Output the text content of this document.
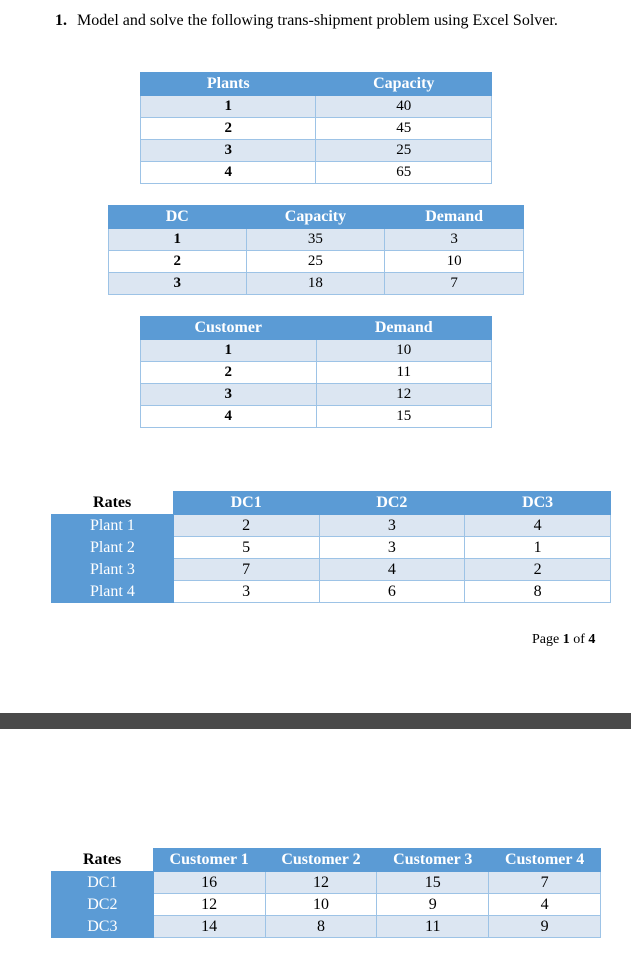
1. Model and solve the following trans-shipment problem using Excel Solver.
Plants	Capacity
1	40
2	45
3	25
4	65
DC	Capacity	Demand
1	35	3
2	25	10
3	18	7
Customer	Demand
1	10
2	11
3	12
4	15
Rates	DC1	DC2	DC3
Plant 1	2	3	4
Plant 2	5	3	1
Plant 3	7	4	2
Plant 4	3	6	8
Page 1 of 4
Rates	Customer 1	Customer 2	Customer 3	Customer 4
DC1	16	12	15	7
DC2	12	10	9	4
DC3	14	8	11	9
